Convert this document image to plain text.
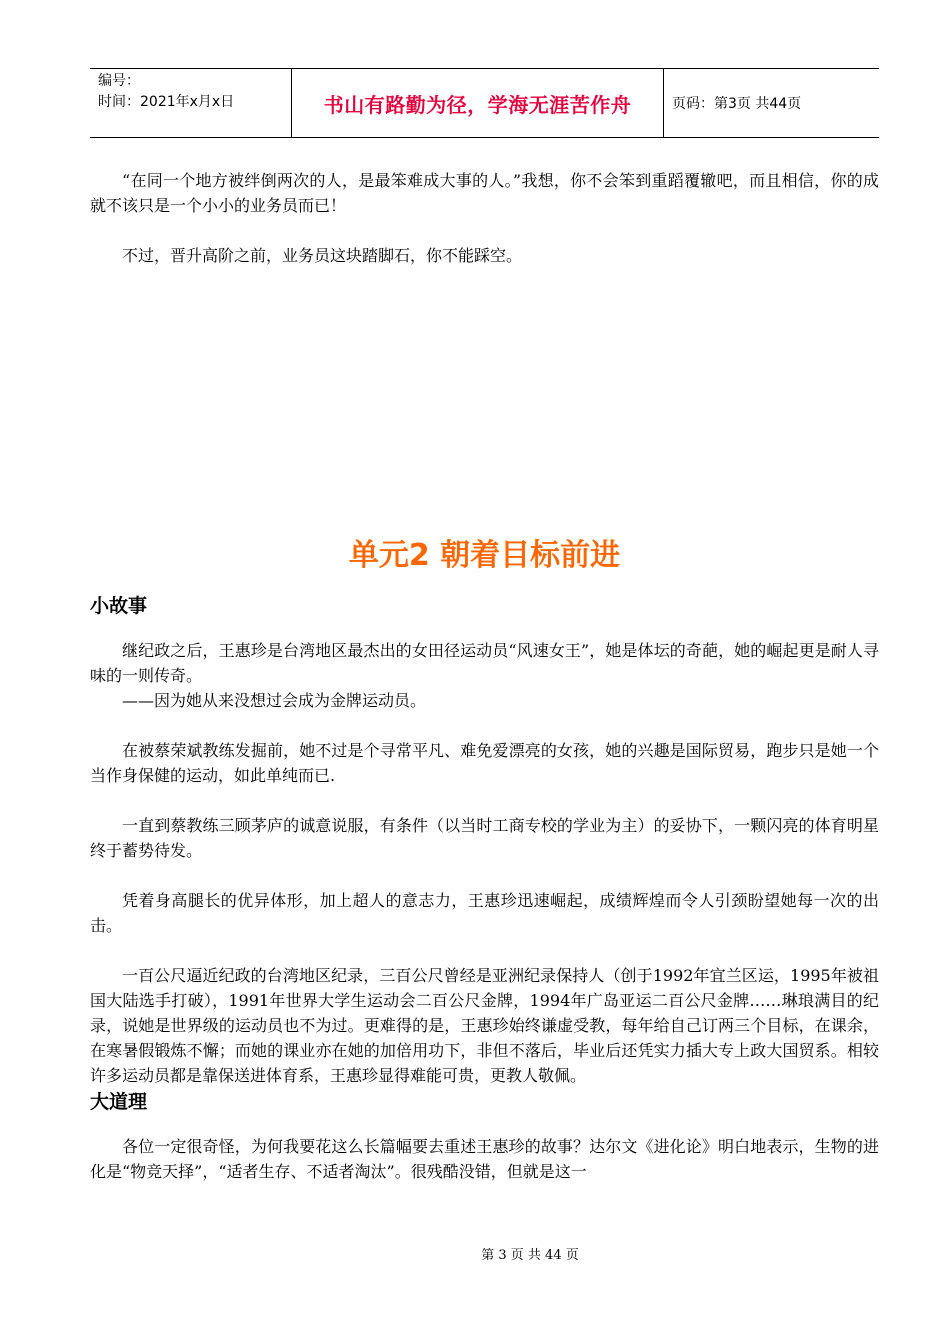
编号：
时间：2021年x月x日	书山有路勤为径，学海无涯苦作舟	页码：第3页 共44页

“在同一个地方被绊倒两次的人，是最笨难成大事的人。”我想，你不会笨到重蹈覆辙吧，而且相信，你的成就不该只是一个小小的业务员而已！

不过，晋升高阶之前，业务员这块踏脚石，你不能踩空。

单元2 朝着目标前进
小故事

继纪政之后，王惠珍是台湾地区最杰出的女田径运动员“风速女王”，她是体坛的奇葩，她的崛起更是耐人寻味的一则传奇。

——因为她从来没想过会成为金牌运动员。

在被蔡荣斌教练发掘前，她不过是个寻常平凡、难免爱漂亮的女孩，她的兴趣是国际贸易，跑步只是她一个当作身保健的运动，如此单纯而已.

一直到蔡教练三顾茅庐的诚意说服，有条件（以当时工商专校的学业为主）的妥协下，一颗闪亮的体育明星终于蓄势待发。

凭着身高腿长的优异体形，加上超人的意志力，王惠珍迅速崛起，成绩辉煌而令人引颈盼望她每一次的出击。

一百公尺逼近纪政的台湾地区纪录，三百公尺曾经是亚洲纪录保持人（创于1992年宜兰区运，1995年被祖国大陆选手打破），1991年世界大学生运动会二百公尺金牌，1994年广岛亚运二百公尺金牌……琳琅满目的纪录，说她是世界级的运动员也不为过。更难得的是，王惠珍始终谦虚受教，每年给自己订两三个目标，在课余，在寒暑假锻炼不懈；而她的课业亦在她的加倍用功下，非但不落后，毕业后还凭实力插大专上政大国贸系。相较许多运动员都是靠保送进体育系，王惠珍显得难能可贵，更教人敬佩。

大道理

各位一定很奇怪，为何我要花这么长篇幅要去重述王惠珍的故事？达尔文《进化论》明白地表示，生物的进化是“物竞天择”，“适者生存、不适者淘汰”。很残酷没错，但就是这一

第 3 页 共 44 页
